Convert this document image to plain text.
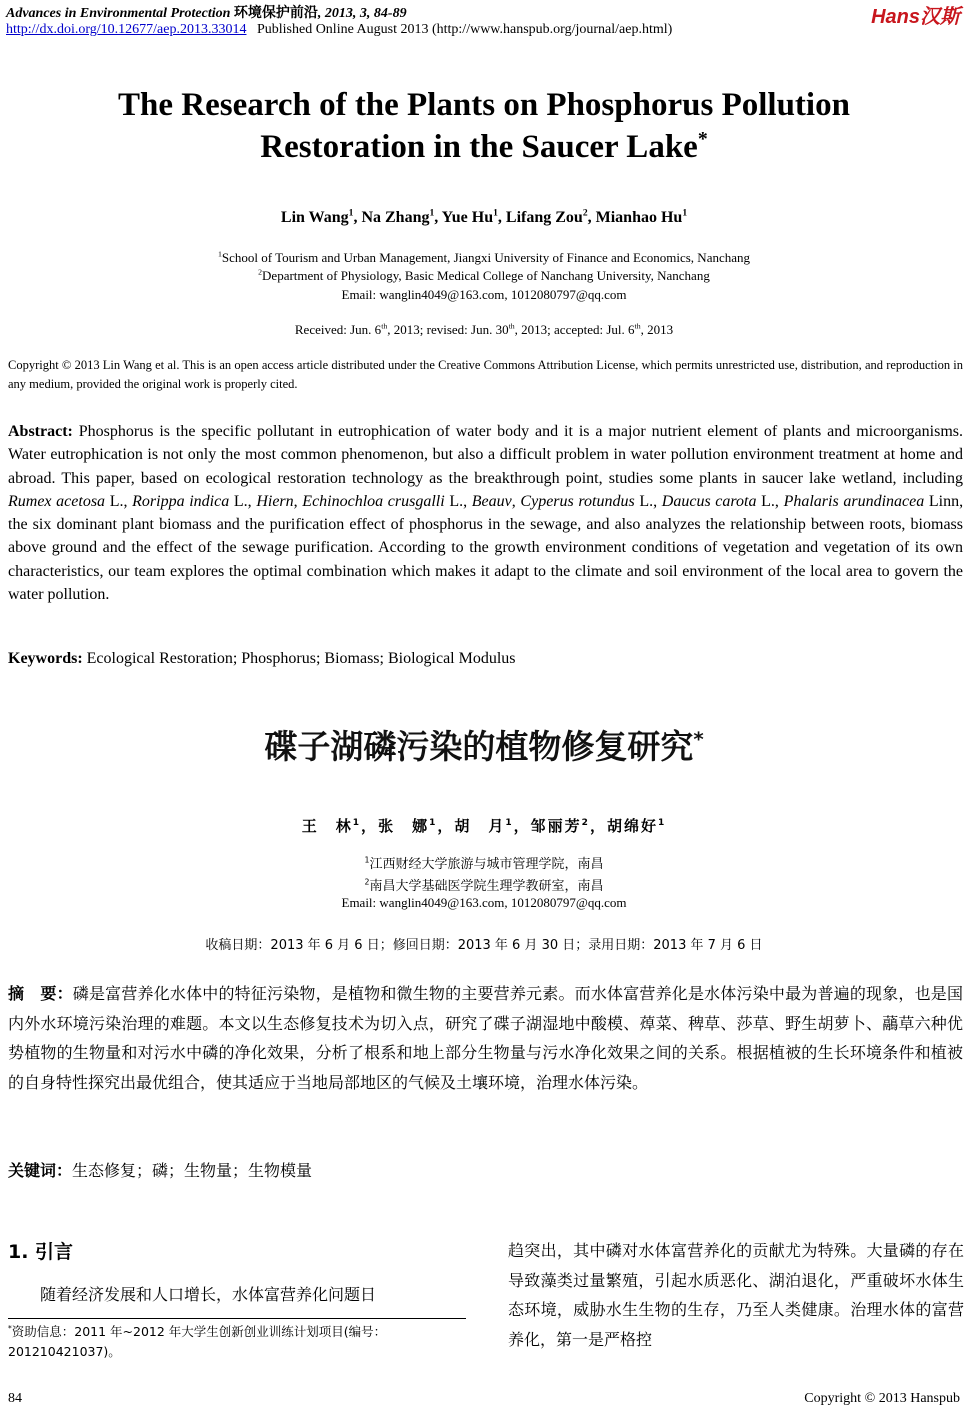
Advances in Environmental Protection 环境保护前沿, 2013, 3, 84-89	Hans汉斯
http://dx.doi.org/10.12677/aep.2013.33014 Published Online August 2013 (http://www.hanspub.org/journal/aep.html)
The Research of the Plants on Phosphorus Pollution
Restoration in the Saucer Lake*
Lin Wang$^1$, Na Zhang$^1$, Yue Hu$^1$, Lifang Zou$^2$, Mianhao Hu$^1$
$^1$School of Tourism and Urban Management, Jiangxi University of Finance and Economics, Nanchang
$^2$Department of Physiology, Basic Medical College of Nanchang University, Nanchang
Email: wanglin4049@163.com, 1012080797@qq.com
Received: Jun. 6th, 2013; revised: Jun. 30th, 2013; accepted: Jul. 6th, 2013
Copyright © 2013 Lin Wang et al. This is an open access article distributed under the Creative Commons Attribution License, which permits unrestricted use, distribution, and reproduction in any medium, provided the original work is properly cited.
Abstract: Phosphorus is the specific pollutant in eutrophication of water body and it is a major nutrient element of plants and microorganisms. Water eutrophication is not only the most common phenomenon, but also a difficult problem in water pollution environment treatment at home and abroad. This paper, based on ecological restoration technology as the breakthrough point, studies some plants in saucer lake wetland, including Rumex acetosa L., Rorippa indica L., Hiern, Echinochloa crusgalli L., Beauv, Cyperus rotundus L., Daucus carota L., Phalaris arundinacea Linn, the six dominant plant biomass and the purification effect of phosphorus in the sewage, and also analyzes the relationship between roots, biomass above ground and the effect of the sewage purification. According to the growth environment conditions of vegetation and vegetation of its own characteristics, our team explores the optimal combination which makes it adapt to the climate and soil environment of the local area to govern the water pollution.
Keywords: Ecological Restoration; Phosphorus; Biomass; Biological Modulus
碟子湖磷污染的植物修复研究*
王　林$^1$，张　娜$^1$，胡　月$^1$，邹丽芳$^2$，胡绵好$^1$
$^1$江西财经大学旅游与城市管理学院，南昌
$^2$南昌大学基础医学院生理学教研室，南昌
Email: wanglin4049@163.com, 1012080797@qq.com
收稿日期：2013 年 6 月 6 日；修回日期：2013 年 6 月 30 日；录用日期：2013 年 7 月 6 日
摘　要：磷是富营养化水体中的特征污染物，是植物和微生物的主要营养元素。而水体富营养化是水体污染中最为普遍的现象，也是国内外水环境污染治理的难题。本文以生态修复技术为切入点，研究了碟子湖湿地中酸模、蔊菜、稗草、莎草、野生胡萝卜、虉草六种优势植物的生物量和对污水中磷的净化效果，分析了根系和地上部分生物量与污水净化效果之间的关系。根据植被的生长环境条件和植被的自身特性探究出最优组合，使其适应于当地局部地区的气候及土壤环境，治理水体污染。
关键词：生态修复；磷；生物量；生物模量
1. 引言
随着经济发展和人口增长，水体富营养化问题日
*资助信息：2011 年~2012 年大学生创新创业训练计划项目(编号：201210421037)。
趋突出，其中磷对水体富营养化的贡献尤为特殊。大量磷的存在导致藻类过量繁殖，引起水质恶化、湖泊退化，严重破坏水体生态环境，威胁水生生物的生存，乃至人类健康。治理水体的富营养化，第一是严格控
84	Copyright © 2013 Hanspub
